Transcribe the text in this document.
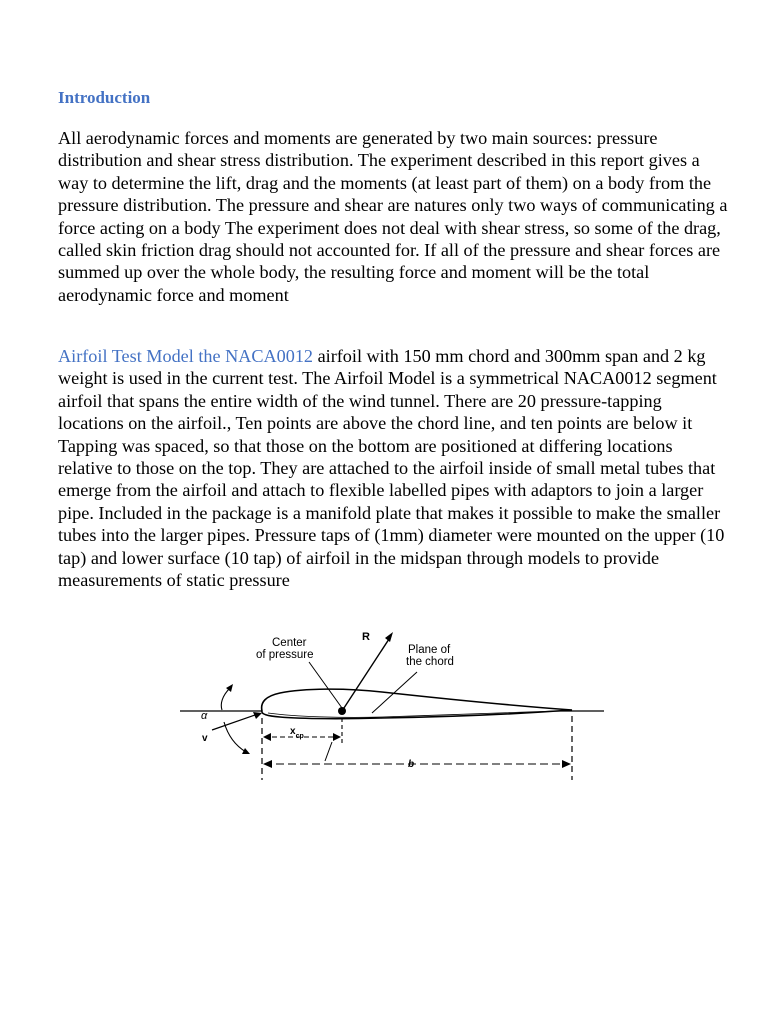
Introduction

All aerodynamic forces and moments are generated by two main sources: pressure distribution and shear stress distribution. The experiment described in this report gives a way to determine the lift, drag and the moments (at least part of them) on a body from the pressure distribution. The pressure and shear are natures only two ways of communicating a force acting on a body The experiment does not deal with shear stress, so some of the drag, called skin friction drag should not accounted for. If all of the pressure and shear forces are summed up over the whole body, the resulting force and moment will be the total aerodynamic force and moment

Airfoil Test Model the NACA0012 airfoil with 150 mm chord and 300mm span and 2 kg weight is used in the current test. The Airfoil Model is a symmetrical NACA0012 segment airfoil that spans the entire width of the wind tunnel. There are 20 pressure-tapping locations on the airfoil., Ten points are above the chord line, and ten points are below it Tapping was spaced, so that those on the bottom are positioned at differing locations relative to those on the top. They are attached to the airfoil inside of small metal tubes that emerge from the airfoil and attach to flexible labelled pipes with adaptors to join a larger pipe. Included in the package is a manifold plate that makes it possible to make the smaller tubes into the larger pipes. Pressure taps of (1mm) diameter were mounted on the upper (10 tap) and lower surface (10 tap) of airfoil in the midspan through models to provide measurements of static pressure

Center
of pressure
R
Plane of
the chord
α
v
$x_{cp}$
b
